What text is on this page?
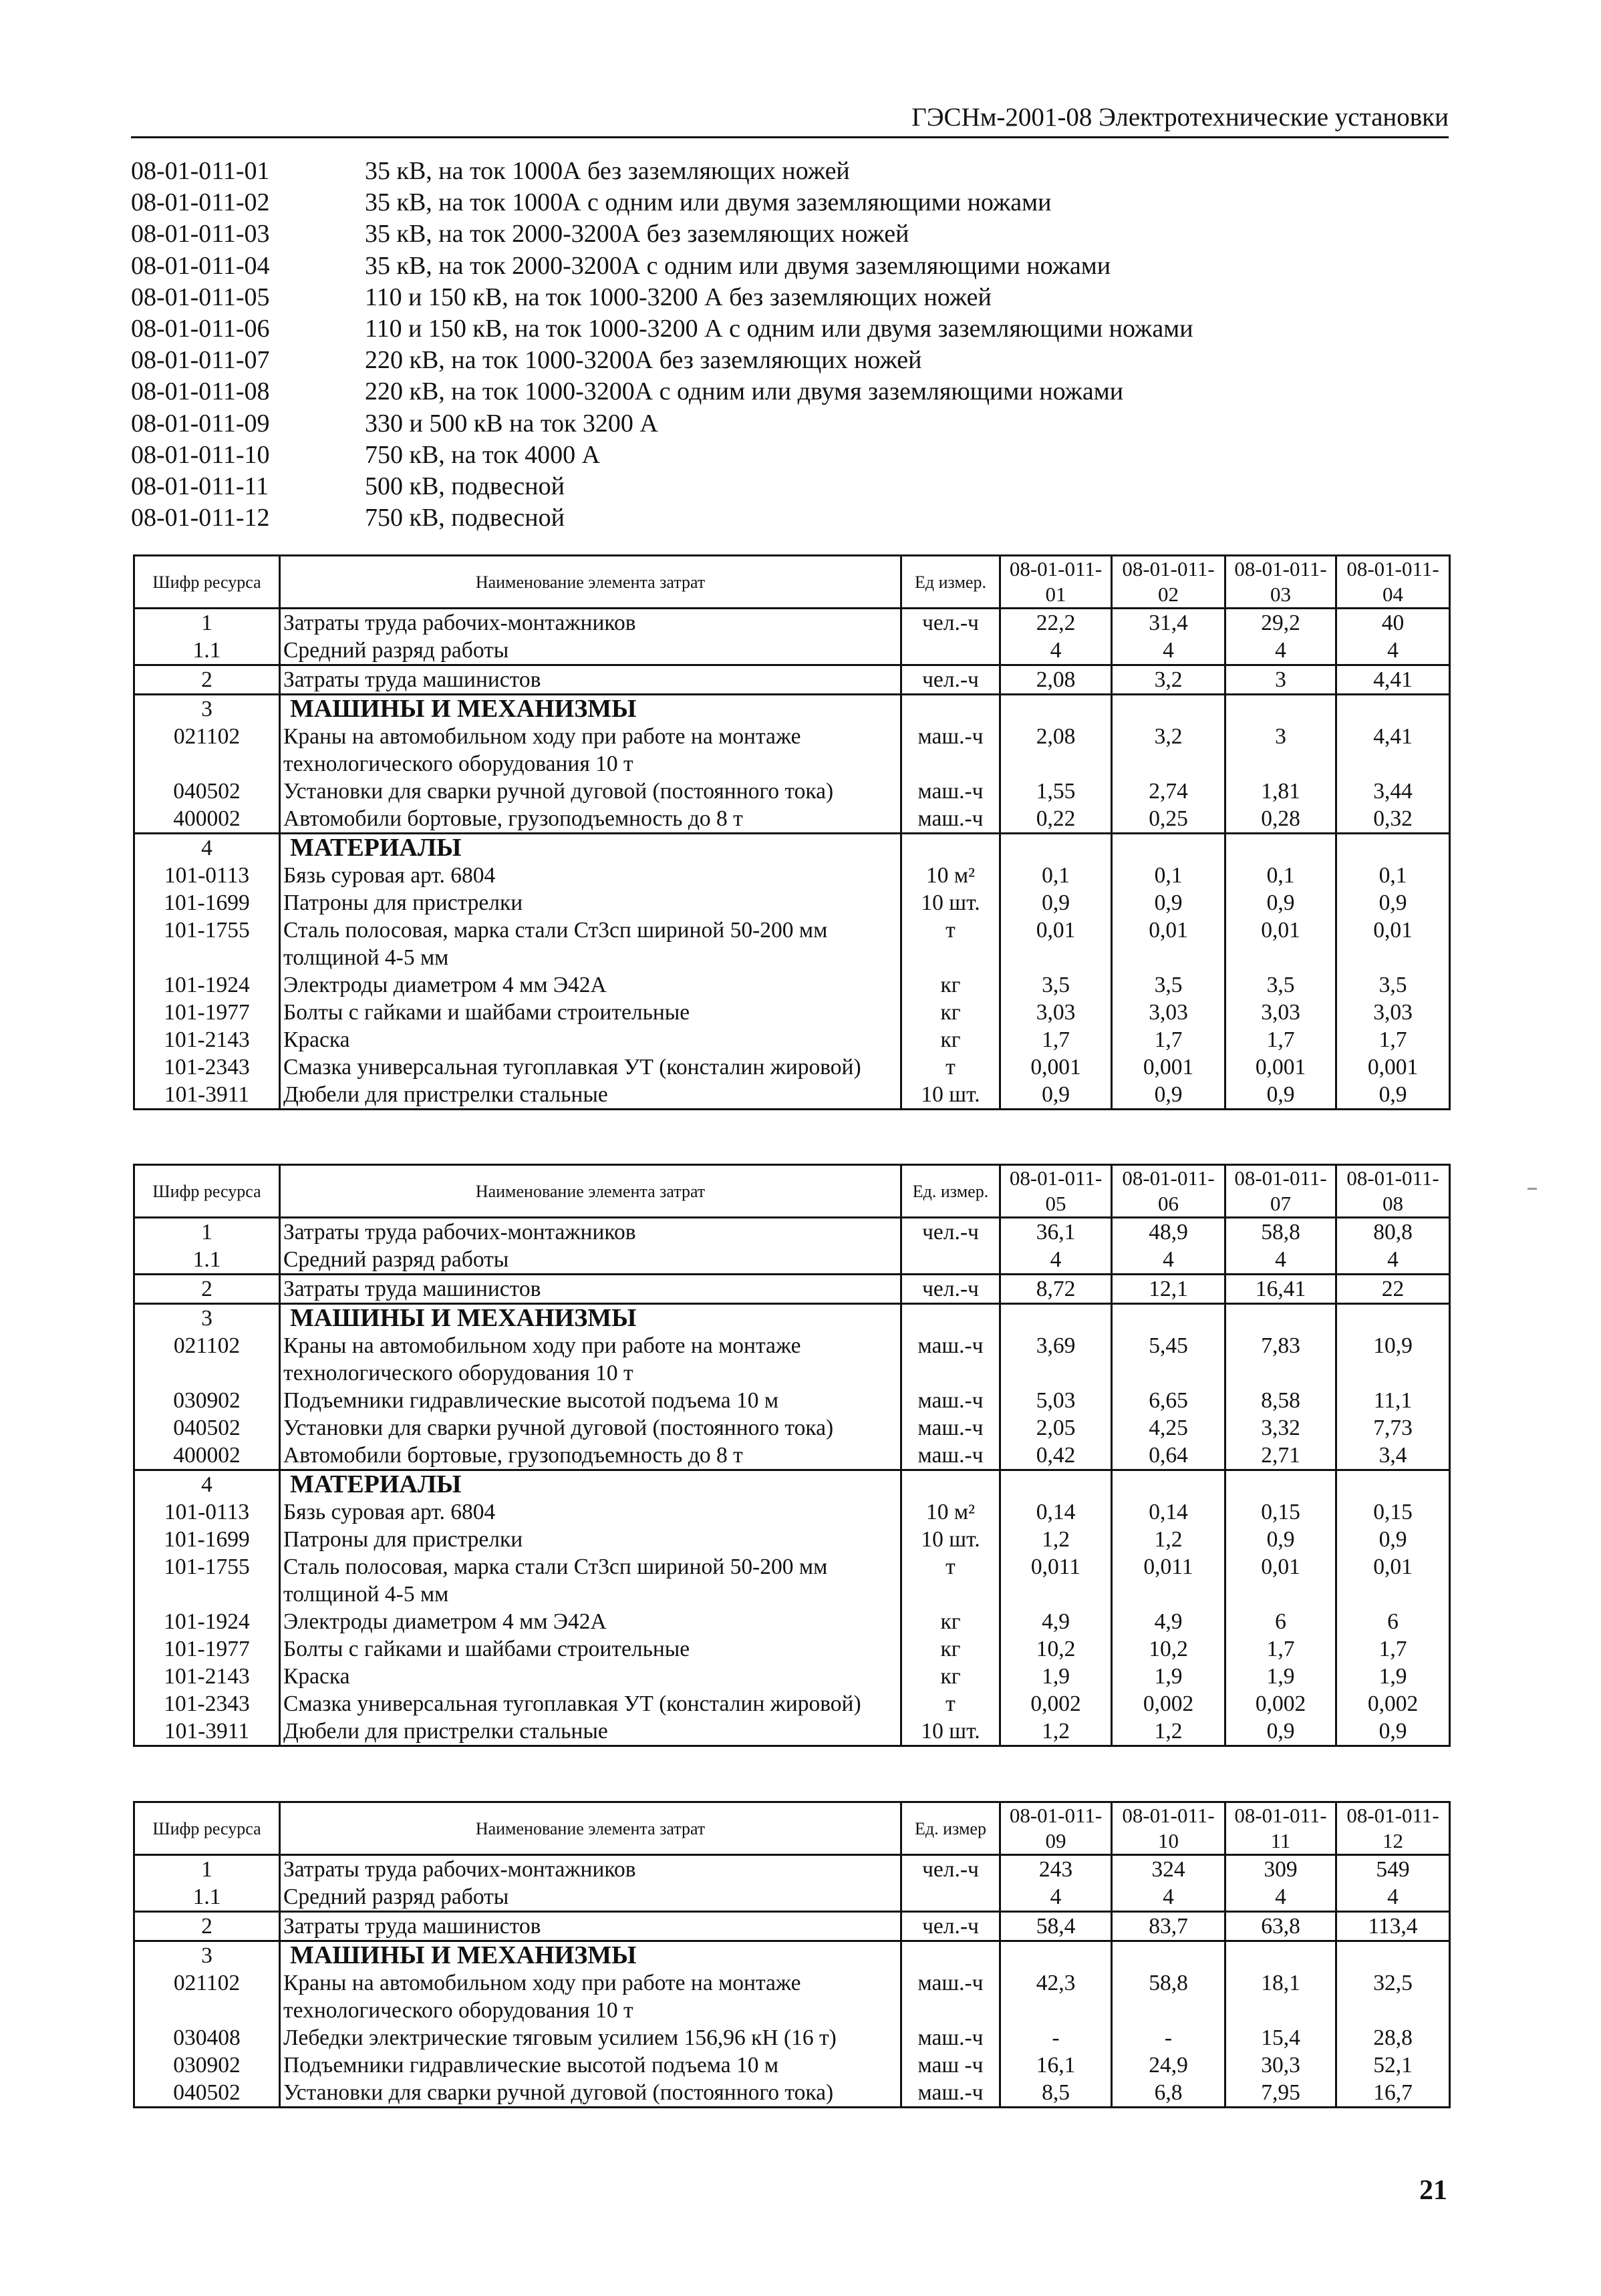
ГЭСНм-2001-08 Электротехнические установки
08-01-011-01	35 кВ, на ток 1000А без заземляющих ножей
08-01-011-02	35 кВ, на ток 1000А с одним или двумя заземляющими ножами
08-01-011-03	35 кВ, на ток 2000-3200А без заземляющих ножей
08-01-011-04	35 кВ, на ток 2000-3200А с одним или двумя заземляющими ножами
08-01-011-05	110 и 150 кВ, на ток 1000-3200 А без заземляющих ножей
08-01-011-06	110 и 150 кВ, на ток 1000-3200 А с одним или двумя заземляющими ножами
08-01-011-07	220 кВ, на ток 1000-3200А без заземляющих ножей
08-01-011-08	220 кВ, на ток 1000-3200А с одним или двумя заземляющими ножами
08-01-011-09	330 и 500 кВ на ток 3200 А
08-01-011-10	750 кВ, на ток 4000 А
08-01-011-11	500 кВ, подвесной
08-01-011-12	750 кВ, подвесной
Шифр ресурса	Наименование элемента затрат	Ед измер.	08-01-011-01	08-01-011-02	08-01-011-03	08-01-011-04
1	Затраты труда рабочих-монтажников	чел.-ч	22,2	31,4	29,2	40
1.1	Средний разряд работы		4	4	4	4
2	Затраты труда машинистов	чел.-ч	2,08	3,2	3	4,41
3	МАШИНЫ И МЕХАНИЗМЫ					
021102	Краны на автомобильном ходу при работе на монтаже технологического оборудования 10 т	маш.-ч	2,08	3,2	3	4,41
040502	Установки для сварки ручной дуговой (постоянного тока)	маш.-ч	1,55	2,74	1,81	3,44
400002	Автомобили бортовые, грузоподъемность до 8 т	маш.-ч	0,22	0,25	0,28	0,32
4	МАТЕРИАЛЫ					
101-0113	Бязь суровая арт. 6804	10 м²	0,1	0,1	0,1	0,1
101-1699	Патроны для пристрелки	10 шт.	0,9	0,9	0,9	0,9
101-1755	Сталь полосовая, марка стали Ст3сп шириной 50-200 мм толщиной 4-5 мм	т	0,01	0,01	0,01	0,01
101-1924	Электроды диаметром 4 мм Э42А	кг	3,5	3,5	3,5	3,5
101-1977	Болты с гайками и шайбами строительные	кг	3,03	3,03	3,03	3,03
101-2143	Краска	кг	1,7	1,7	1,7	1,7
101-2343	Смазка универсальная тугоплавкая УТ (консталин жировой)	т	0,001	0,001	0,001	0,001
101-3911	Дюбели для пристрелки стальные	10 шт.	0,9	0,9	0,9	0,9
Шифр ресурса	Наименование элемента затрат	Ед. измер.	08-01-011-05	08-01-011-06	08-01-011-07	08-01-011-08
1	Затраты труда рабочих-монтажников	чел.-ч	36,1	48,9	58,8	80,8
1.1	Средний разряд работы		4	4	4	4
2	Затраты труда машинистов	чел.-ч	8,72	12,1	16,41	22
3	МАШИНЫ И МЕХАНИЗМЫ					
021102	Краны на автомобильном ходу при работе на монтаже технологического оборудования 10 т	маш.-ч	3,69	5,45	7,83	10,9
030902	Подъемники гидравлические высотой подъема 10 м	маш.-ч	5,03	6,65	8,58	11,1
040502	Установки для сварки ручной дуговой (постоянного тока)	маш.-ч	2,05	4,25	3,32	7,73
400002	Автомобили бортовые, грузоподъемность до 8 т	маш.-ч	0,42	0,64	2,71	3,4
4	МАТЕРИАЛЫ					
101-0113	Бязь суровая арт. 6804	10 м²	0,14	0,14	0,15	0,15
101-1699	Патроны для пристрелки	10 шт.	1,2	1,2	0,9	0,9
101-1755	Сталь полосовая, марка стали Ст3сп шириной 50-200 мм толщиной 4-5 мм	т	0,011	0,011	0,01	0,01
101-1924	Электроды диаметром 4 мм Э42А	кг	4,9	4,9	6	6
101-1977	Болты с гайками и шайбами строительные	кг	10,2	10,2	1,7	1,7
101-2143	Краска	кг	1,9	1,9	1,9	1,9
101-2343	Смазка универсальная тугоплавкая УТ (консталин жировой)	т	0,002	0,002	0,002	0,002
101-3911	Дюбели для пристрелки стальные	10 шт.	1,2	1,2	0,9	0,9
Шифр ресурса	Наименование элемента затрат	Ед. измер	08-01-011-09	08-01-011-10	08-01-011-11	08-01-011-12
1	Затраты труда рабочих-монтажников	чел.-ч	243	324	309	549
1.1	Средний разряд работы		4	4	4	4
2	Затраты труда машинистов	чел.-ч	58,4	83,7	63,8	113,4
3	МАШИНЫ И МЕХАНИЗМЫ					
021102	Краны на автомобильном ходу при работе на монтаже технологического оборудования 10 т	маш.-ч	42,3	58,8	18,1	32,5
030408	Лебедки электрические тяговым усилием 156,96 кН (16 т)	маш.-ч	-	-	15,4	28,8
030902	Подъемники гидравлические высотой подъема 10 м	маш -ч	16,1	24,9	30,3	52,1
040502	Установки для сварки ручной дуговой (постоянного тока)	маш.-ч	8,5	6,8	7,95	16,7
21
